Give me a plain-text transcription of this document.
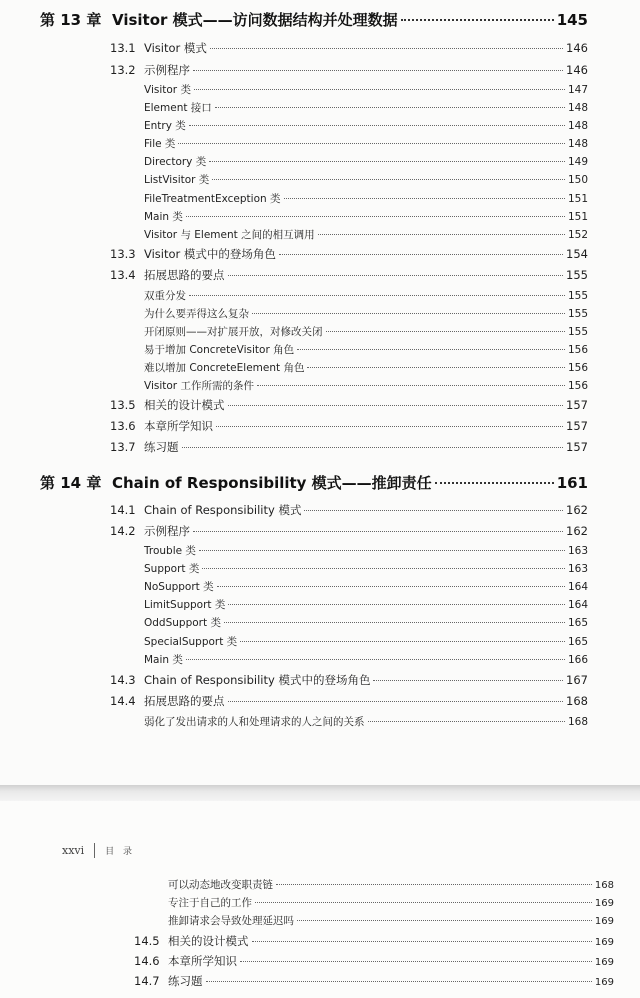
第 13 章 Visitor 模式——访问数据结构并处理数据	145
13.1 Visitor 模式	146
13.2 示例程序	146
Visitor 类	147
Element 接口	148
Entry 类	148
File 类	148
Directory 类	149
ListVisitor 类	150
FileTreatmentException 类	151
Main 类	151
Visitor 与 Element 之间的相互调用	152
13.3 Visitor 模式中的登场角色	154
13.4 拓展思路的要点	155
双重分发	155
为什么要弄得这么复杂	155
开闭原则——对扩展开放，对修改关闭	155
易于增加 ConcreteVisitor 角色	156
难以增加 ConcreteElement 角色	156
Visitor 工作所需的条件	156
13.5 相关的设计模式	157
13.6 本章所学知识	157
13.7 练习题	157
第 14 章 Chain of Responsibility 模式——推卸责任	161
14.1 Chain of Responsibility 模式	162
14.2 示例程序	162
Trouble 类	163
Support 类	163
NoSupport 类	164
LimitSupport 类	164
OddSupport 类	165
SpecialSupport 类	165
Main 类	166
14.3 Chain of Responsibility 模式中的登场角色	167
14.4 拓展思路的要点	168
弱化了发出请求的人和处理请求的人之间的关系	168
xxvi 目 录
可以动态地改变职责链	168
专注于自己的工作	169
推卸请求会导致处理延迟吗	169
14.5 相关的设计模式	169
14.6 本章所学知识	169
14.7 练习题	169
